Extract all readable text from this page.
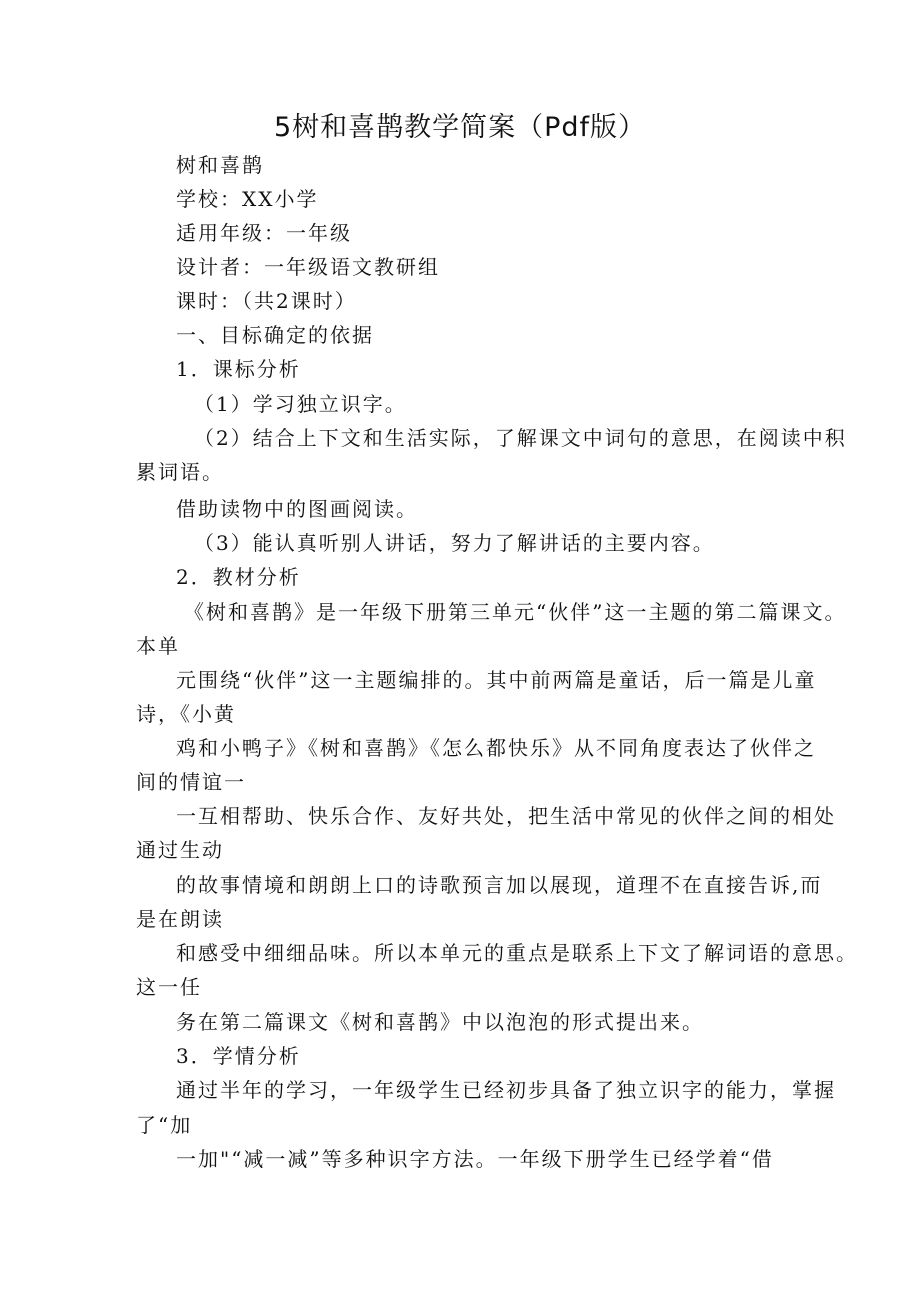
5树和喜鹊教学简案（Pdf版）
树和喜鹊
学校：XX小学
适用年级：一年级
设计者：一年级语文教研组
课时：（共2课时）
一、目标确定的依据
1．课标分析
（1）学习独立识字。
（2）结合上下文和生活实际，了解课文中词句的意思，在阅读中积
累词语。
借助读物中的图画阅读。
（3）能认真听别人讲话，努力了解讲话的主要内容。
2．教材分析
《树和喜鹊》是一年级下册第三单元“伙伴”这一主题的第二篇课文。
本单
元围绕“伙伴”这一主题编排的。其中前两篇是童话，后一篇是儿童
诗，《小黄
鸡和小鸭子》《树和喜鹊》《怎么都快乐》从不同角度表达了伙伴之
间的情谊一
一互相帮助、快乐合作、友好共处，把生活中常见的伙伴之间的相处
通过生动
的故事情境和朗朗上口的诗歌预言加以展现，道理不在直接告诉,而
是在朗读
和感受中细细品味。所以本单元的重点是联系上下文了解词语的意思。
这一任
务在第二篇课文《树和喜鹊》中以泡泡的形式提出来。
3．学情分析
通过半年的学习，一年级学生已经初步具备了独立识字的能力，掌握
了“加
一加"“减一减”等多种识字方法。一年级下册学生已经学着“借
